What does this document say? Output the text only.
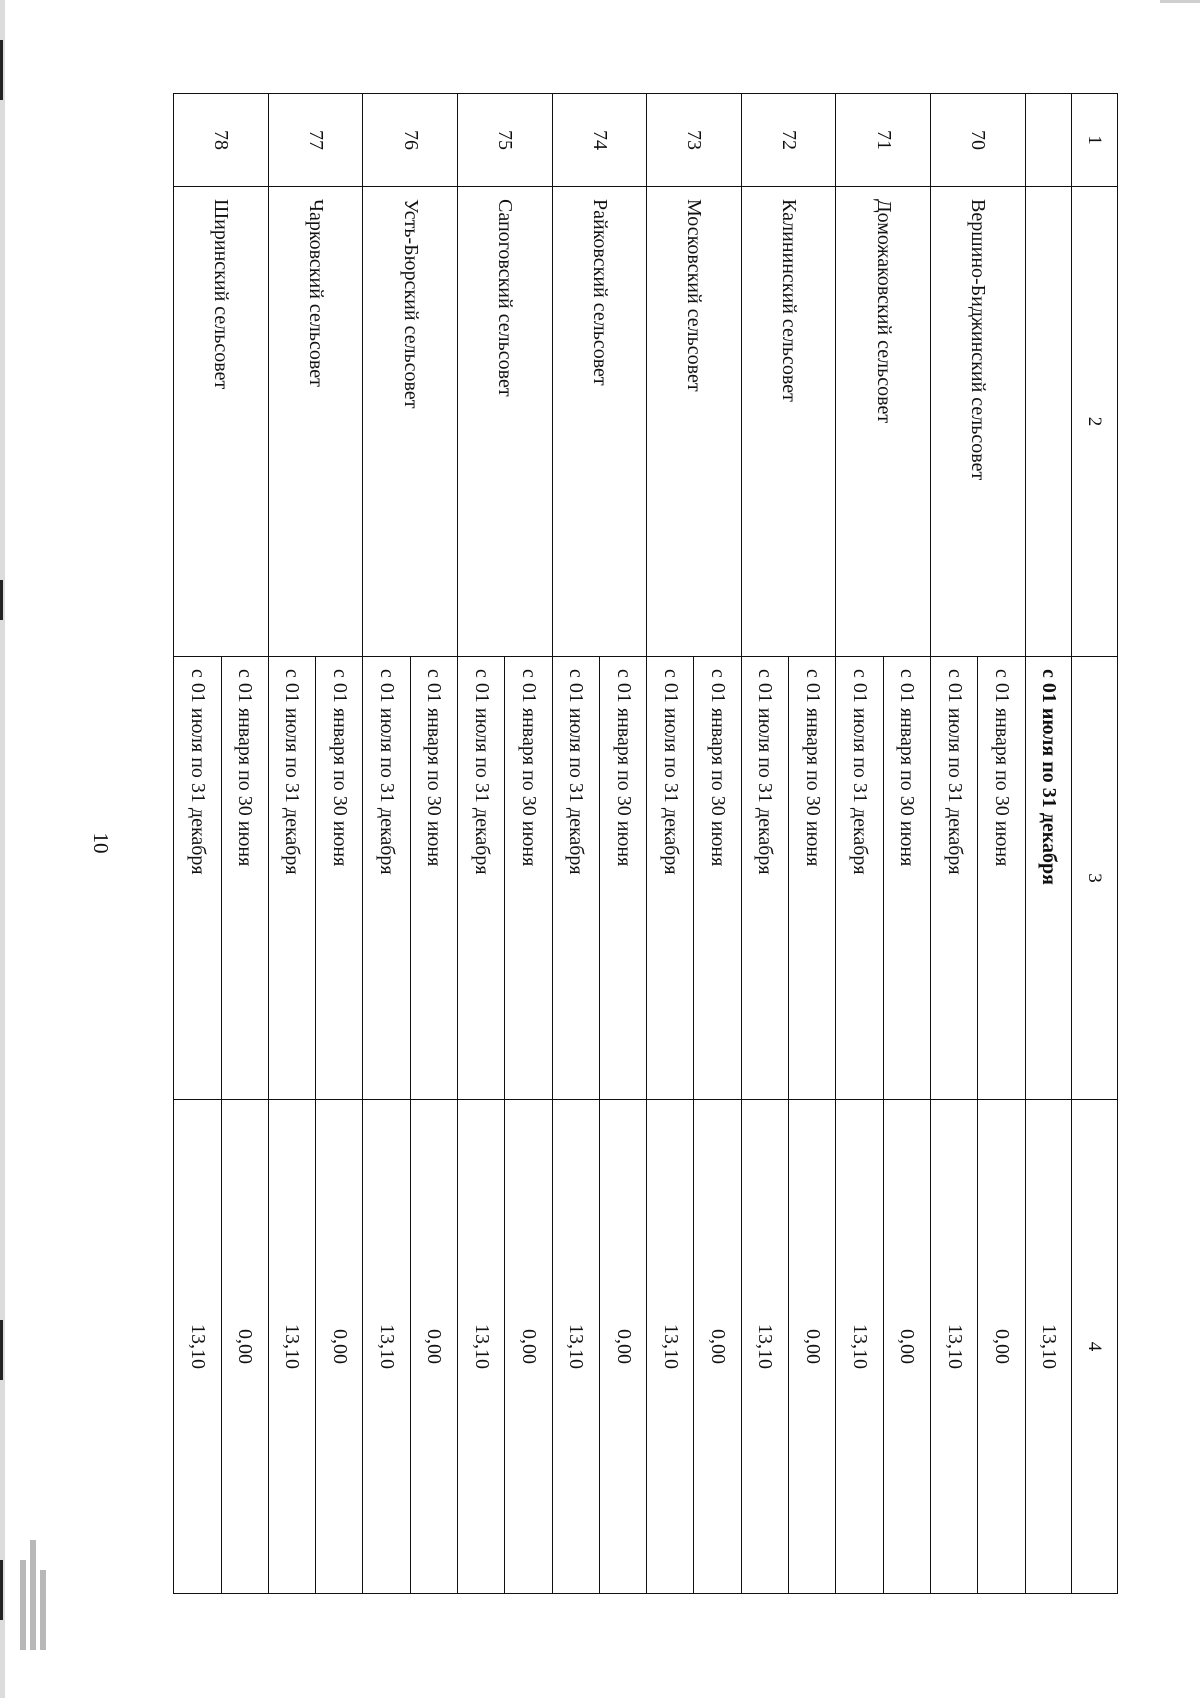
10
1	2	3	4
		с 01 июля по 31 декабря	13,10
70	Вершино-Биджинский сельсовет	с 01 января по 30 июня	0,00
		с 01 июля по 31 декабря	13,10
71	Доможаковский сельсовет	с 01 января по 30 июня	0,00
		с 01 июля по 31 декабря	13,10
72	Калининский сельсовет	с 01 января по 30 июня	0,00
		с 01 июля по 31 декабря	13,10
73	Московский сельсовет	с 01 января по 30 июня	0,00
		с 01 июля по 31 декабря	13,10
74	Райковский сельсовет	с 01 января по 30 июня	0,00
		с 01 июля по 31 декабря	13,10
75	Сапоговский сельсовет	с 01 января по 30 июня	0,00
		с 01 июля по 31 декабря	13,10
76	Усть-Бюрский сельсовет	с 01 января по 30 июня	0,00
		с 01 июля по 31 декабря	13,10
77	Чарковский сельсовет	с 01 января по 30 июня	0,00
		с 01 июля по 31 декабря	13,10
78	Ширинский сельсовет	с 01 января по 30 июня	0,00
		с 01 июля по 31 декабря	13,10
